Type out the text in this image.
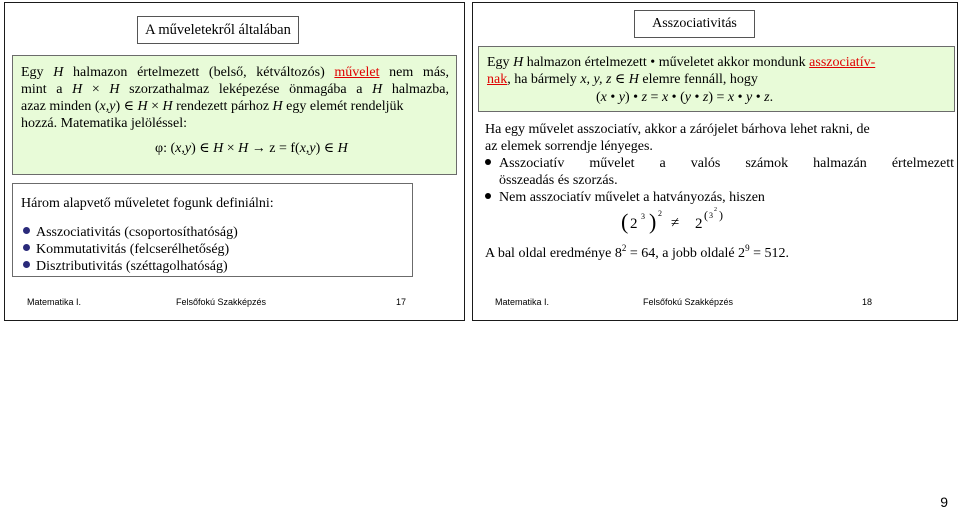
A műveletekről általában
Egy H halmazon értelmezett (belső, kétváltozós) művelet nem más,
mint a H × H szorzathalmaz leképezése önmagába a H halmazba,
azaz minden (x,y) ∈ H × H rendezett párhoz H egy elemét rendeljük
hozzá. Matematika jelöléssel:
φ: (x,y) ∈ H × H → z = f(x,y) ∈ H
Három alapvető műveletet fogunk definiálni:
Asszociativitás (csoportosíthatóság)
Kommutativitás (felcserélhetőség)
Disztributivitás (széttagolhatóság)
Matematika I.	Felsőfokú Szakképzés	17
Asszociativitás
Egy H halmazon értelmezett • műveletet akkor mondunk asszociatív-
nak, ha bármely x, y, z ∈ H elemre fennáll, hogy
(x • y) • z = x • (y • z) = x • y • z.
Ha egy művelet asszociatív, akkor a zárójelet bárhova lehet rakni, de
az elemek sorrendje lényeges.
Asszociatív művelet a valós számok halmazán értelmezett
összeadás és szorzás.
Nem asszociatív művelet a hatványozás, hiszen
( 2 3 ) 2
≠ 2
( 3
2 )
A bal oldal eredménye $8^2 = 64$, a jobb oldalé $2^9 = 512$.
Matematika I.	Felsőfokú Szakképzés	18
9
